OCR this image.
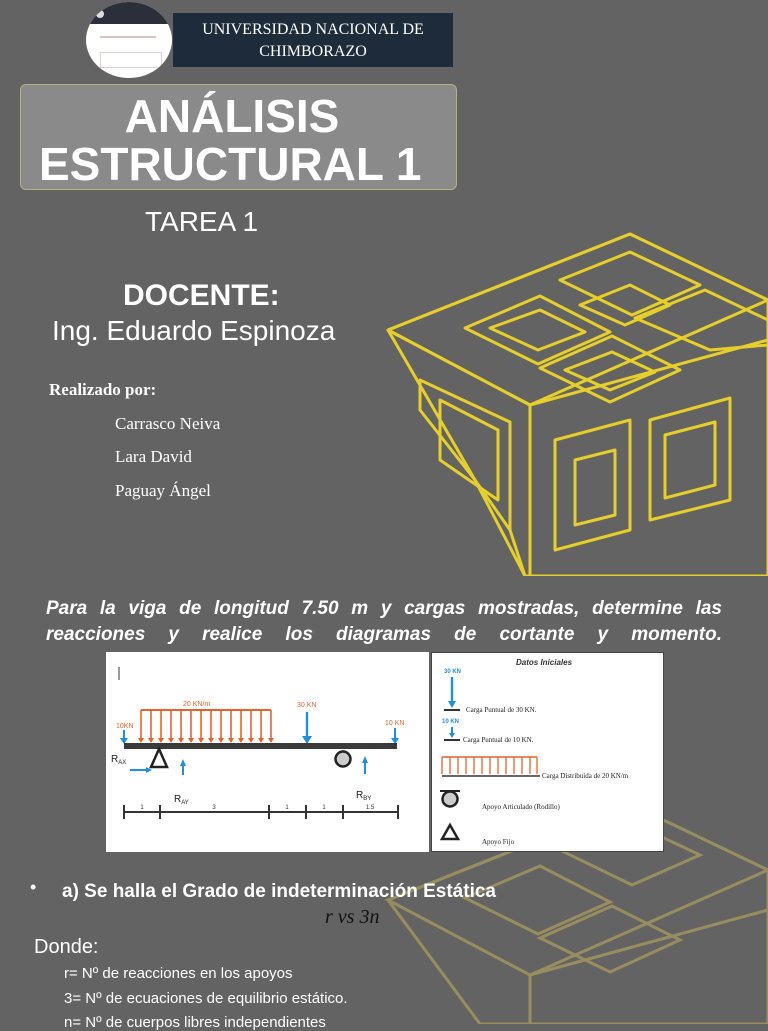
UNIVERSIDAD NACIONAL DE CHIMBORAZO
ANÁLISIS
ESTRUCTURAL 1
TAREA 1
DOCENTE:
Ing. Eduardo Espinoza
Realizado por:
Carrasco Neiva
Lara David
Paguay Ángel
Para la viga de longitud 7.50 m y cargas mostradas, determine las reacciones y realice los diagramas de cortante y momento.
20 KN/m
10KN
30 KN
10 KN
$R_{AX}$
$R_{AY}$
$R_{BY}$
1	3	1	1	1.5
Datos Iniciales
30 KN
Carga Puntual de 30 KN.
10 KN
Carga Puntual de 10 KN.
Carga Distribuida de 20 KN/m
Apoyo Articulado (Rodillo)
Apoyo Fijo
• a) Se halla el Grado de indeterminación Estática
r vs 3n
Donde:
r= Nº de reacciones en los apoyos
3= Nº de ecuaciones de equilibrio estático.
n= Nº de cuerpos libres independientes
